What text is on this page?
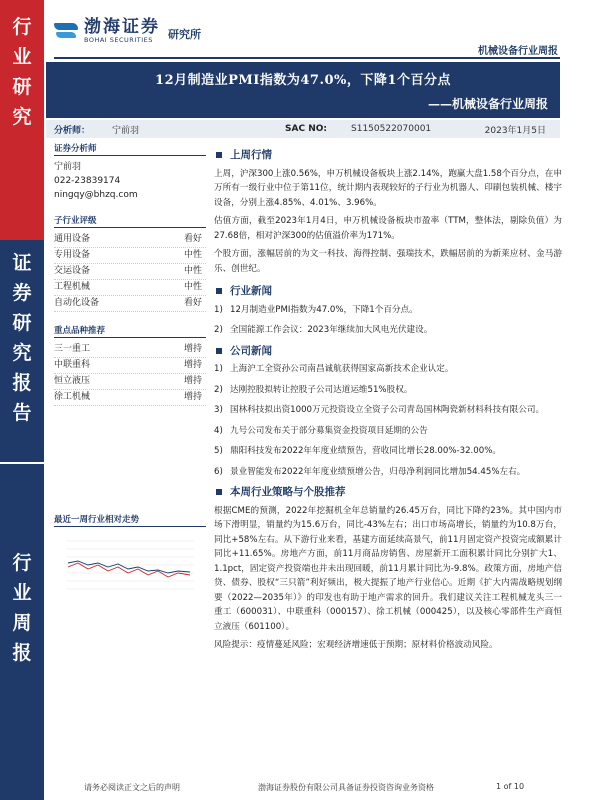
行
业
研
究
证
券
研
究
报
告
行
业
周
报
渤海证券
BOHAI SECURITIES	研究所
机械设备行业周报
12月制造业PMI指数为47.0%，下降1个百分点
——机械设备行业周报
分析师： 宁前羽	SAC NO:	S1150522070001	2023年1月5日
证券分析师

宁前羽

022-23839174

ningqy@bhzq.com

子行业评级
通用设备	看好
专用设备	中性
交运设备	中性
工程机械	中性
自动化设备	看好
重点品种推荐
三一重工	增持
中联重科	增持
恒立液压	增持
徐工机械	增持
最近一周行业相对走势
上周行情

上周，沪深300上涨0.56%，申万机械设备板块上涨2.14%，跑赢大盘1.58个百分点，在申万所有一级行业中位于第11位，统计期内表现较好的子行业为机器人、印刷包装机械、楼宇设备，分别上涨4.85%、4.01%、3.96%。

估值方面，截至2023年1月4日，申万机械设备板块市盈率（TTM，整体法，剔除负值）为27.68倍，相对沪深300的估值溢价率为171%。

个股方面，涨幅居前的为文一科技、海得控制、强瑞技术，跌幅居前的为新莱应材、金马游乐、创世纪。

行业新闻
1) 12月制造业PMI指数为47.0%，下降1个百分点。
2) 全国能源工作会议：2023年继续加大风电光伏建设。
公司新闻
1) 上海沪工全资孙公司南昌诚航获得国家高新技术企业认定。
2) 达刚控股拟转让控股子公司达道运维51%股权。
3) 国林科技拟出资1000万元投资设立全资子公司青岛国林陶瓷新材料科技有限公司。
4) 九号公司发布关于部分募集资金投资项目延期的公告
5) 鼎阳科技发布2022年年度业绩预告，营收同比增长28.00%-32.00%。
6) 景业智能发布2022年年度业绩预增公告，归母净利润同比增加54.45%左右。
本周行业策略与个股推荐

根据CME的预测，2022年挖掘机全年总销量约26.45万台，同比下降约23%。其中国内市场下滑明显，销量约为15.6万台，同比-43%左右；出口市场高增长，销量约为10.8万台，同比+58%左右。从下游行业来看，基建方面延续高景气，前11月固定资产投资完成额累计同比+11.65%。房地产方面，前11月商品房销售、房屋新开工面积累计同比分别扩大1、1.1pct，固定资产投资端也并未出现回暖，前11月累计同比为-9.8%。政策方面，房地产信贷、债券、股权“三只箭”利好频出，极大提振了地产行业信心。近期《扩大内需战略规划纲要（2022—2035年）》的印发也有助于地产需求的回升。我们建议关注工程机械龙头三一重工（600031）、中联重科（000157）、徐工机械（000425），以及核心零部件生产商恒立液压（601100）。

风险提示：疫情蔓延风险；宏观经济增速低于预期；原材料价格波动风险。

请务必阅读正文之后的声明	渤海证券股份有限公司具备证券投资咨询业务资格	1 of 10
